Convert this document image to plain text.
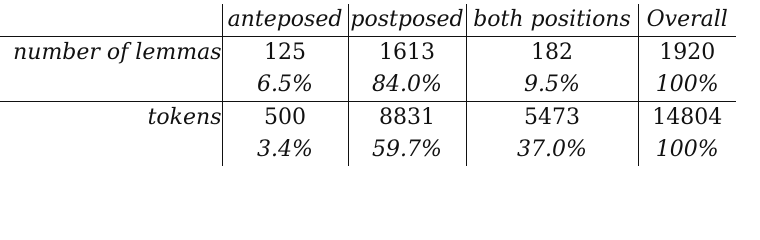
	anteposed	postposed	both positions	Overall
number of lemmas	125	1613	182	1920
	6.5%	84.0%	9.5%	100%
tokens	500	8831	5473	14804
	3.4%	59.7%	37.0%	100%
